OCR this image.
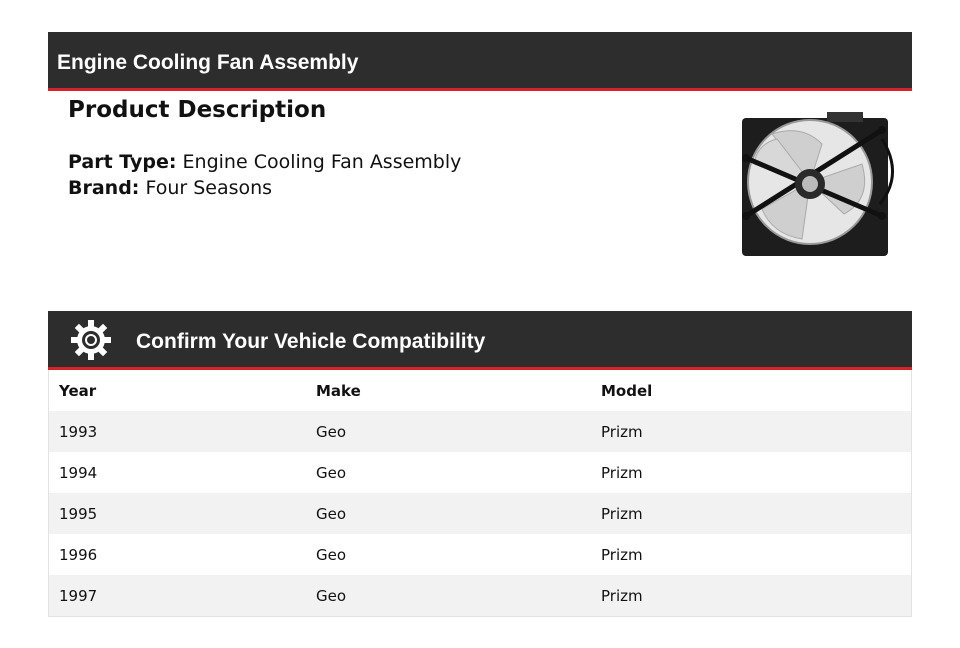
Engine Cooling Fan Assembly
Product Description
Part Type: Engine Cooling Fan Assembly
Brand: Four Seasons
Confirm Your Vehicle Compatibility
Year	Make	Model
1993	Geo	Prizm
1994	Geo	Prizm
1995	Geo	Prizm
1996	Geo	Prizm
1997	Geo	Prizm
